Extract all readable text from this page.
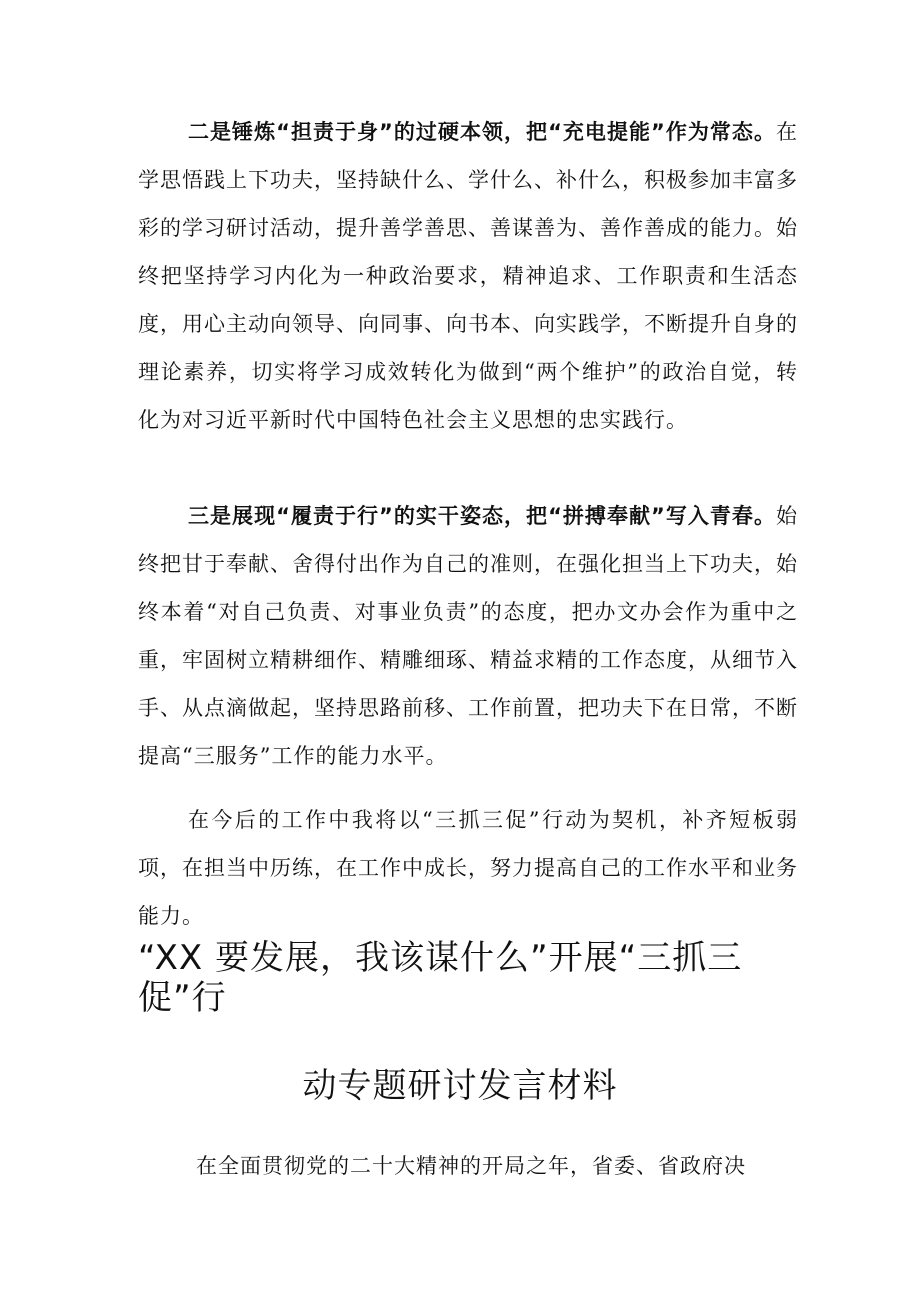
二是锤炼“担责于身”的过硬本领，把“充电提能”作为常态。在学思悟践上下功夫，坚持缺什么、学什么、补什么，积极参加丰富多彩的学习研讨活动，提升善学善思、善谋善为、善作善成的能力。始终把坚持学习内化为一种政治要求，精神追求、工作职责和生活态度，用心主动向领导、向同事、向书本、向实践学，不断提升自身的理论素养，切实将学习成效转化为做到“两个维护”的政治自觉，转化为对习近平新时代中国特色社会主义思想的忠实践行。

三是展现“履责于行”的实干姿态，把“拼搏奉献”写入青春。始终把甘于奉献、舍得付出作为自己的准则，在强化担当上下功夫，始终本着“对自己负责、对事业负责”的态度，把办文办会作为重中之重，牢固树立精耕细作、精雕细琢、精益求精的工作态度，从细节入手、从点滴做起，坚持思路前移、工作前置，把功夫下在日常，不断提高“三服务”工作的能力水平。

在今后的工作中我将以“三抓三促”行动为契机，补齐短板弱项，在担当中历练，在工作中成长，努力提高自己的工作水平和业务能力。

“XX 要发展，我该谋什么”开展“三抓三促”行
动专题研讨发言材料

在全面贯彻党的二十大精神的开局之年，省委、省政府决
